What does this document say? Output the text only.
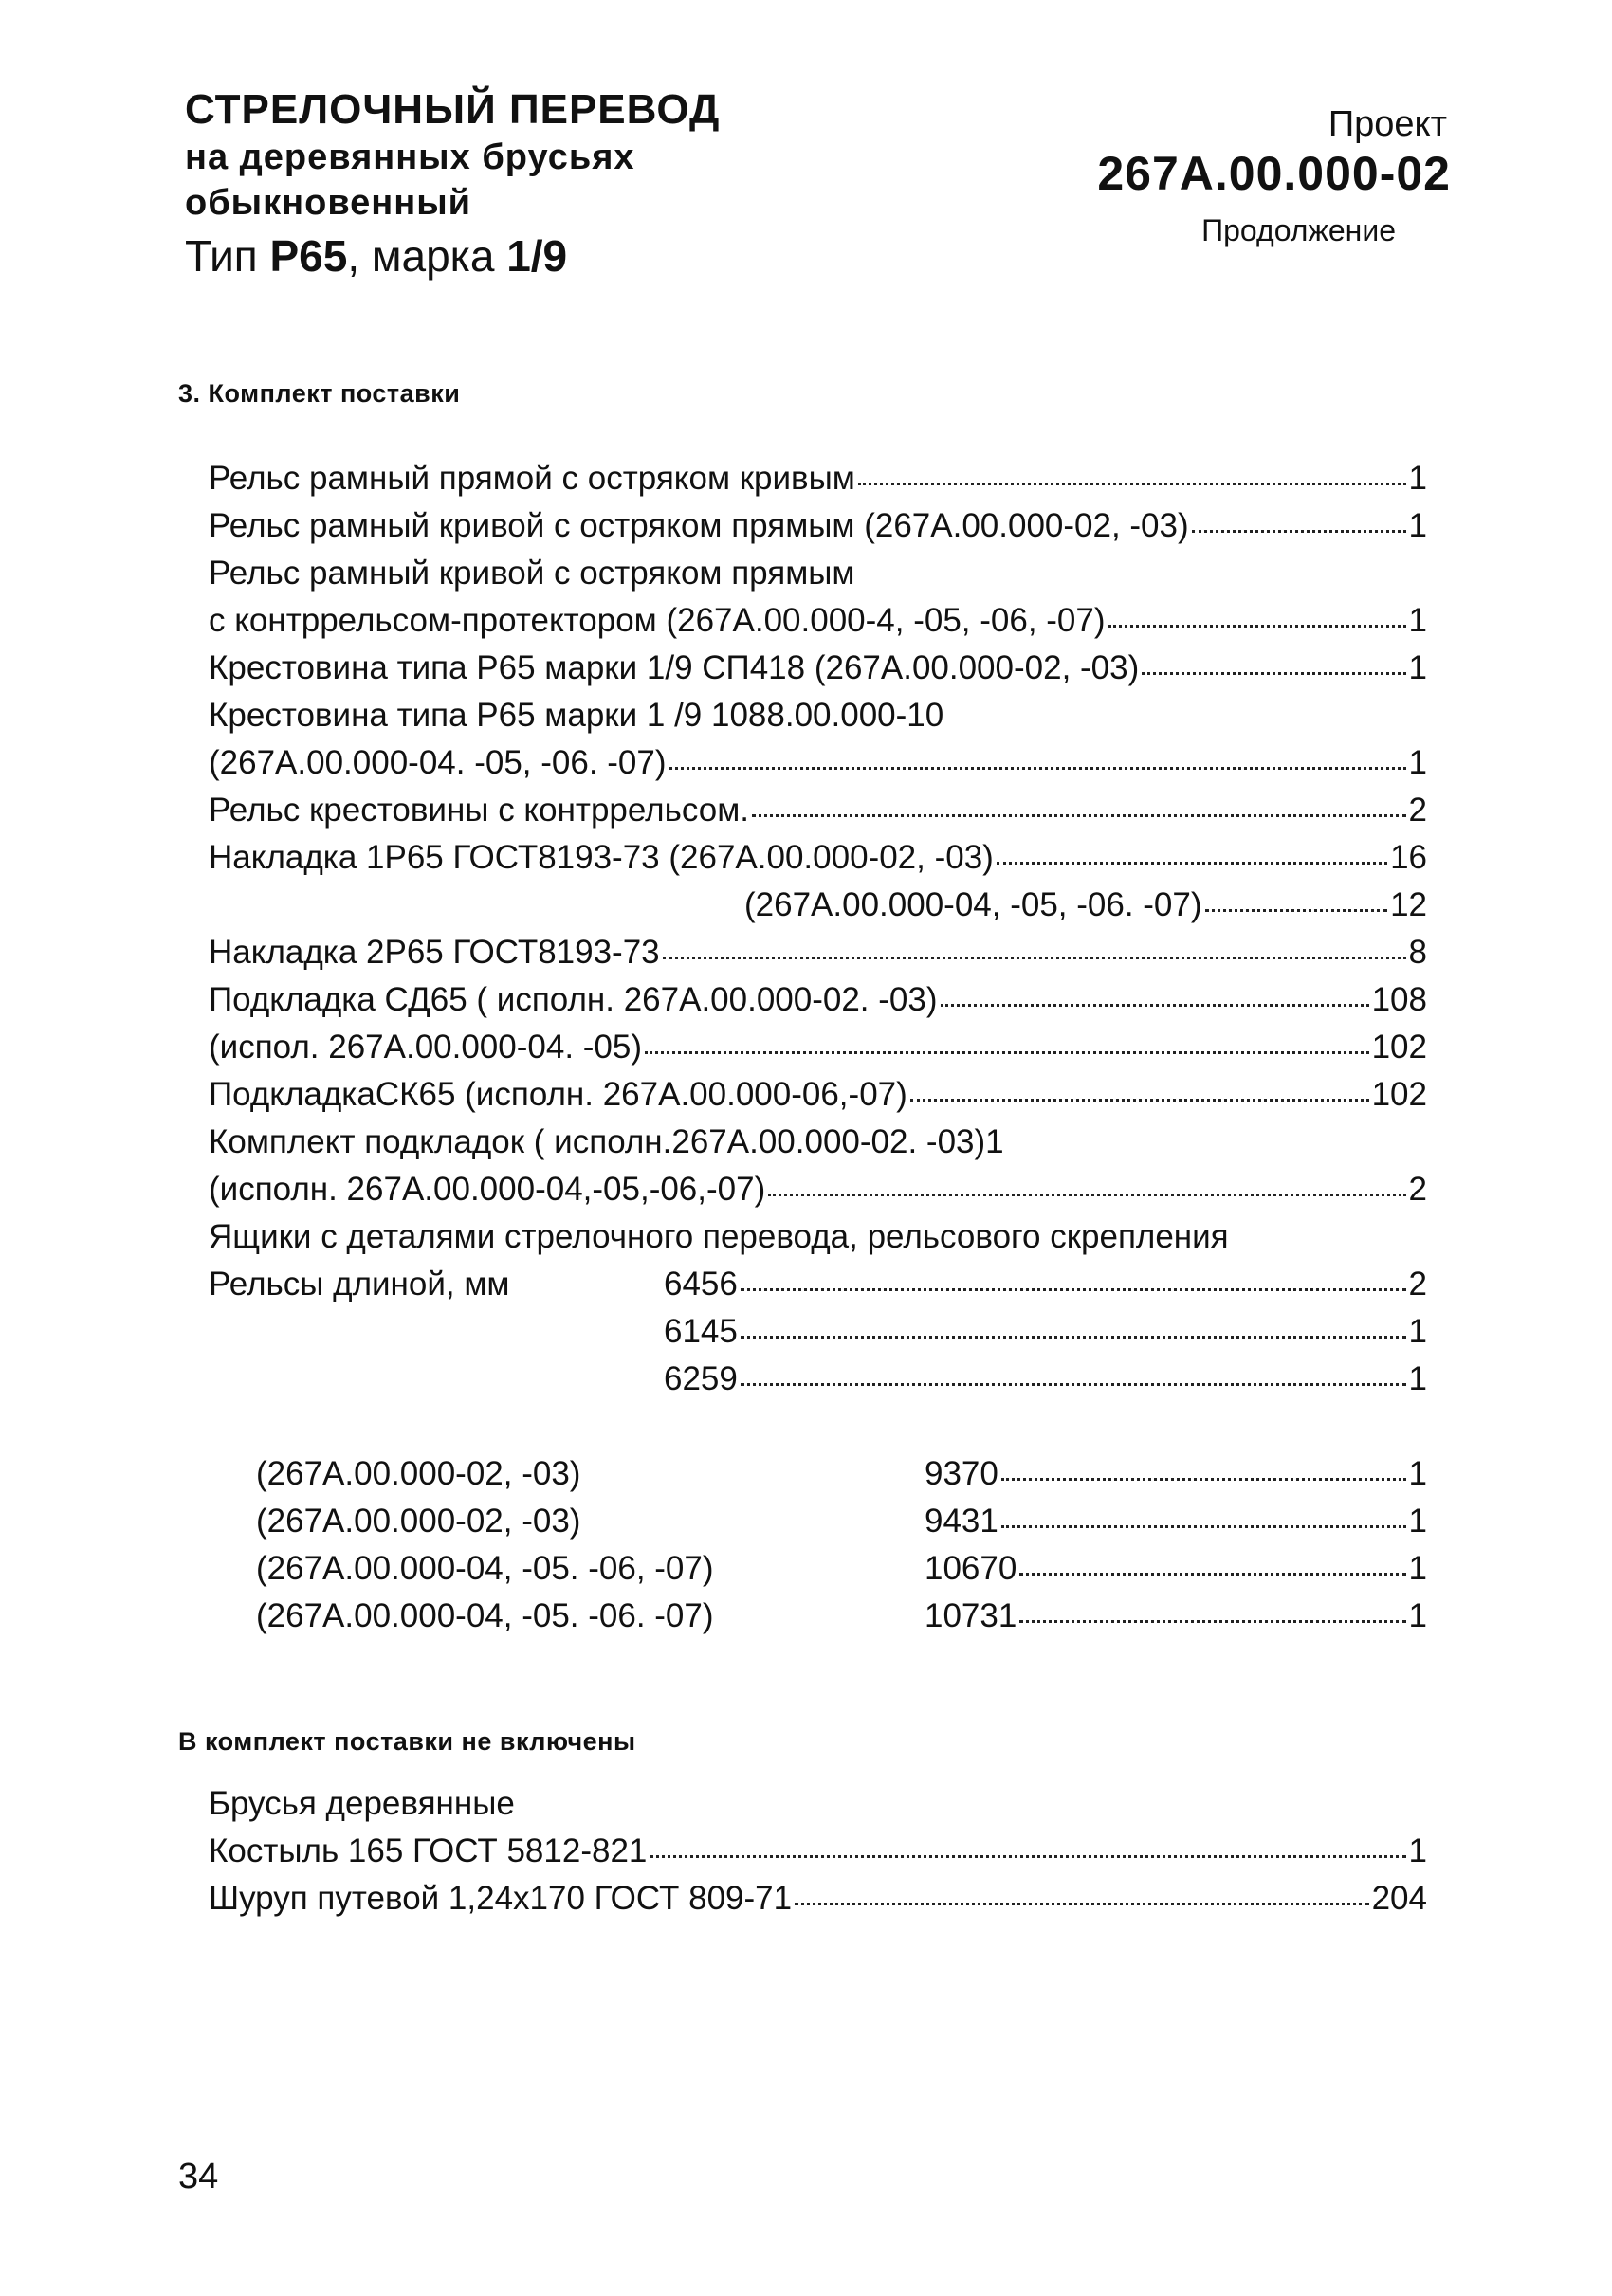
СТРЕЛОЧНЫЙ ПЕРЕВОД
на деревянных брусьях
обыкновенный
Тип Р65, марка 1/9
Проект
267А.00.000-02
Продолжение
3. Комплект поставки
Рельс рамный прямой с остряком кривым	1
Рельс рамный кривой с остряком прямым (267А.00.000-02, -03)	1
Рельс рамный кривой с остряком прямым
с контррельсом-протектором (267А.00.000-4, -05, -06, -07)	1
Крестовина типа Р65 марки 1/9 СП418 (267А.00.000-02, -03)	1
Крестовина типа Р65 марки 1 /9 1088.00.000-10
(267А.00.000-04. -05, -06. -07)	1
Рельс крестовины с контррельсом.	2
Накладка 1Р65 ГОСТ8193-73 (267А.00.000-02, -03)	16
(267А.00.000-04, -05, -06. -07)	12
Накладка 2Р65 ГОСТ8193-73	8
Подкладка СД65 ( исполн. 267А.00.000-02. -03)	108
(испол. 267А.00.000-04. -05)	102
ПодкладкаСК65 (исполн. 267А.00.000-06,-07)	102
Комплект подкладок ( исполн.267А.00.000-02. -03)1
(исполн. 267А.00.000-04,-05,-06,-07)	2
Ящики с деталями стрелочного перевода, рельсового скрепления
Рельсы длиной, мм	6456	2
6145	1
6259	1
(267А.00.000-02, -03)	9370	1
(267А.00.000-02, -03)	9431	1
(267А.00.000-04, -05. -06, -07)	10670	1
(267А.00.000-04, -05. -06. -07)	10731	1
В комплект поставки не включены
Брусья деревянные
Костыль 165 ГОСТ 5812-821	1
Шуруп путевой 1,24х170 ГОСТ 809-71	204
34
